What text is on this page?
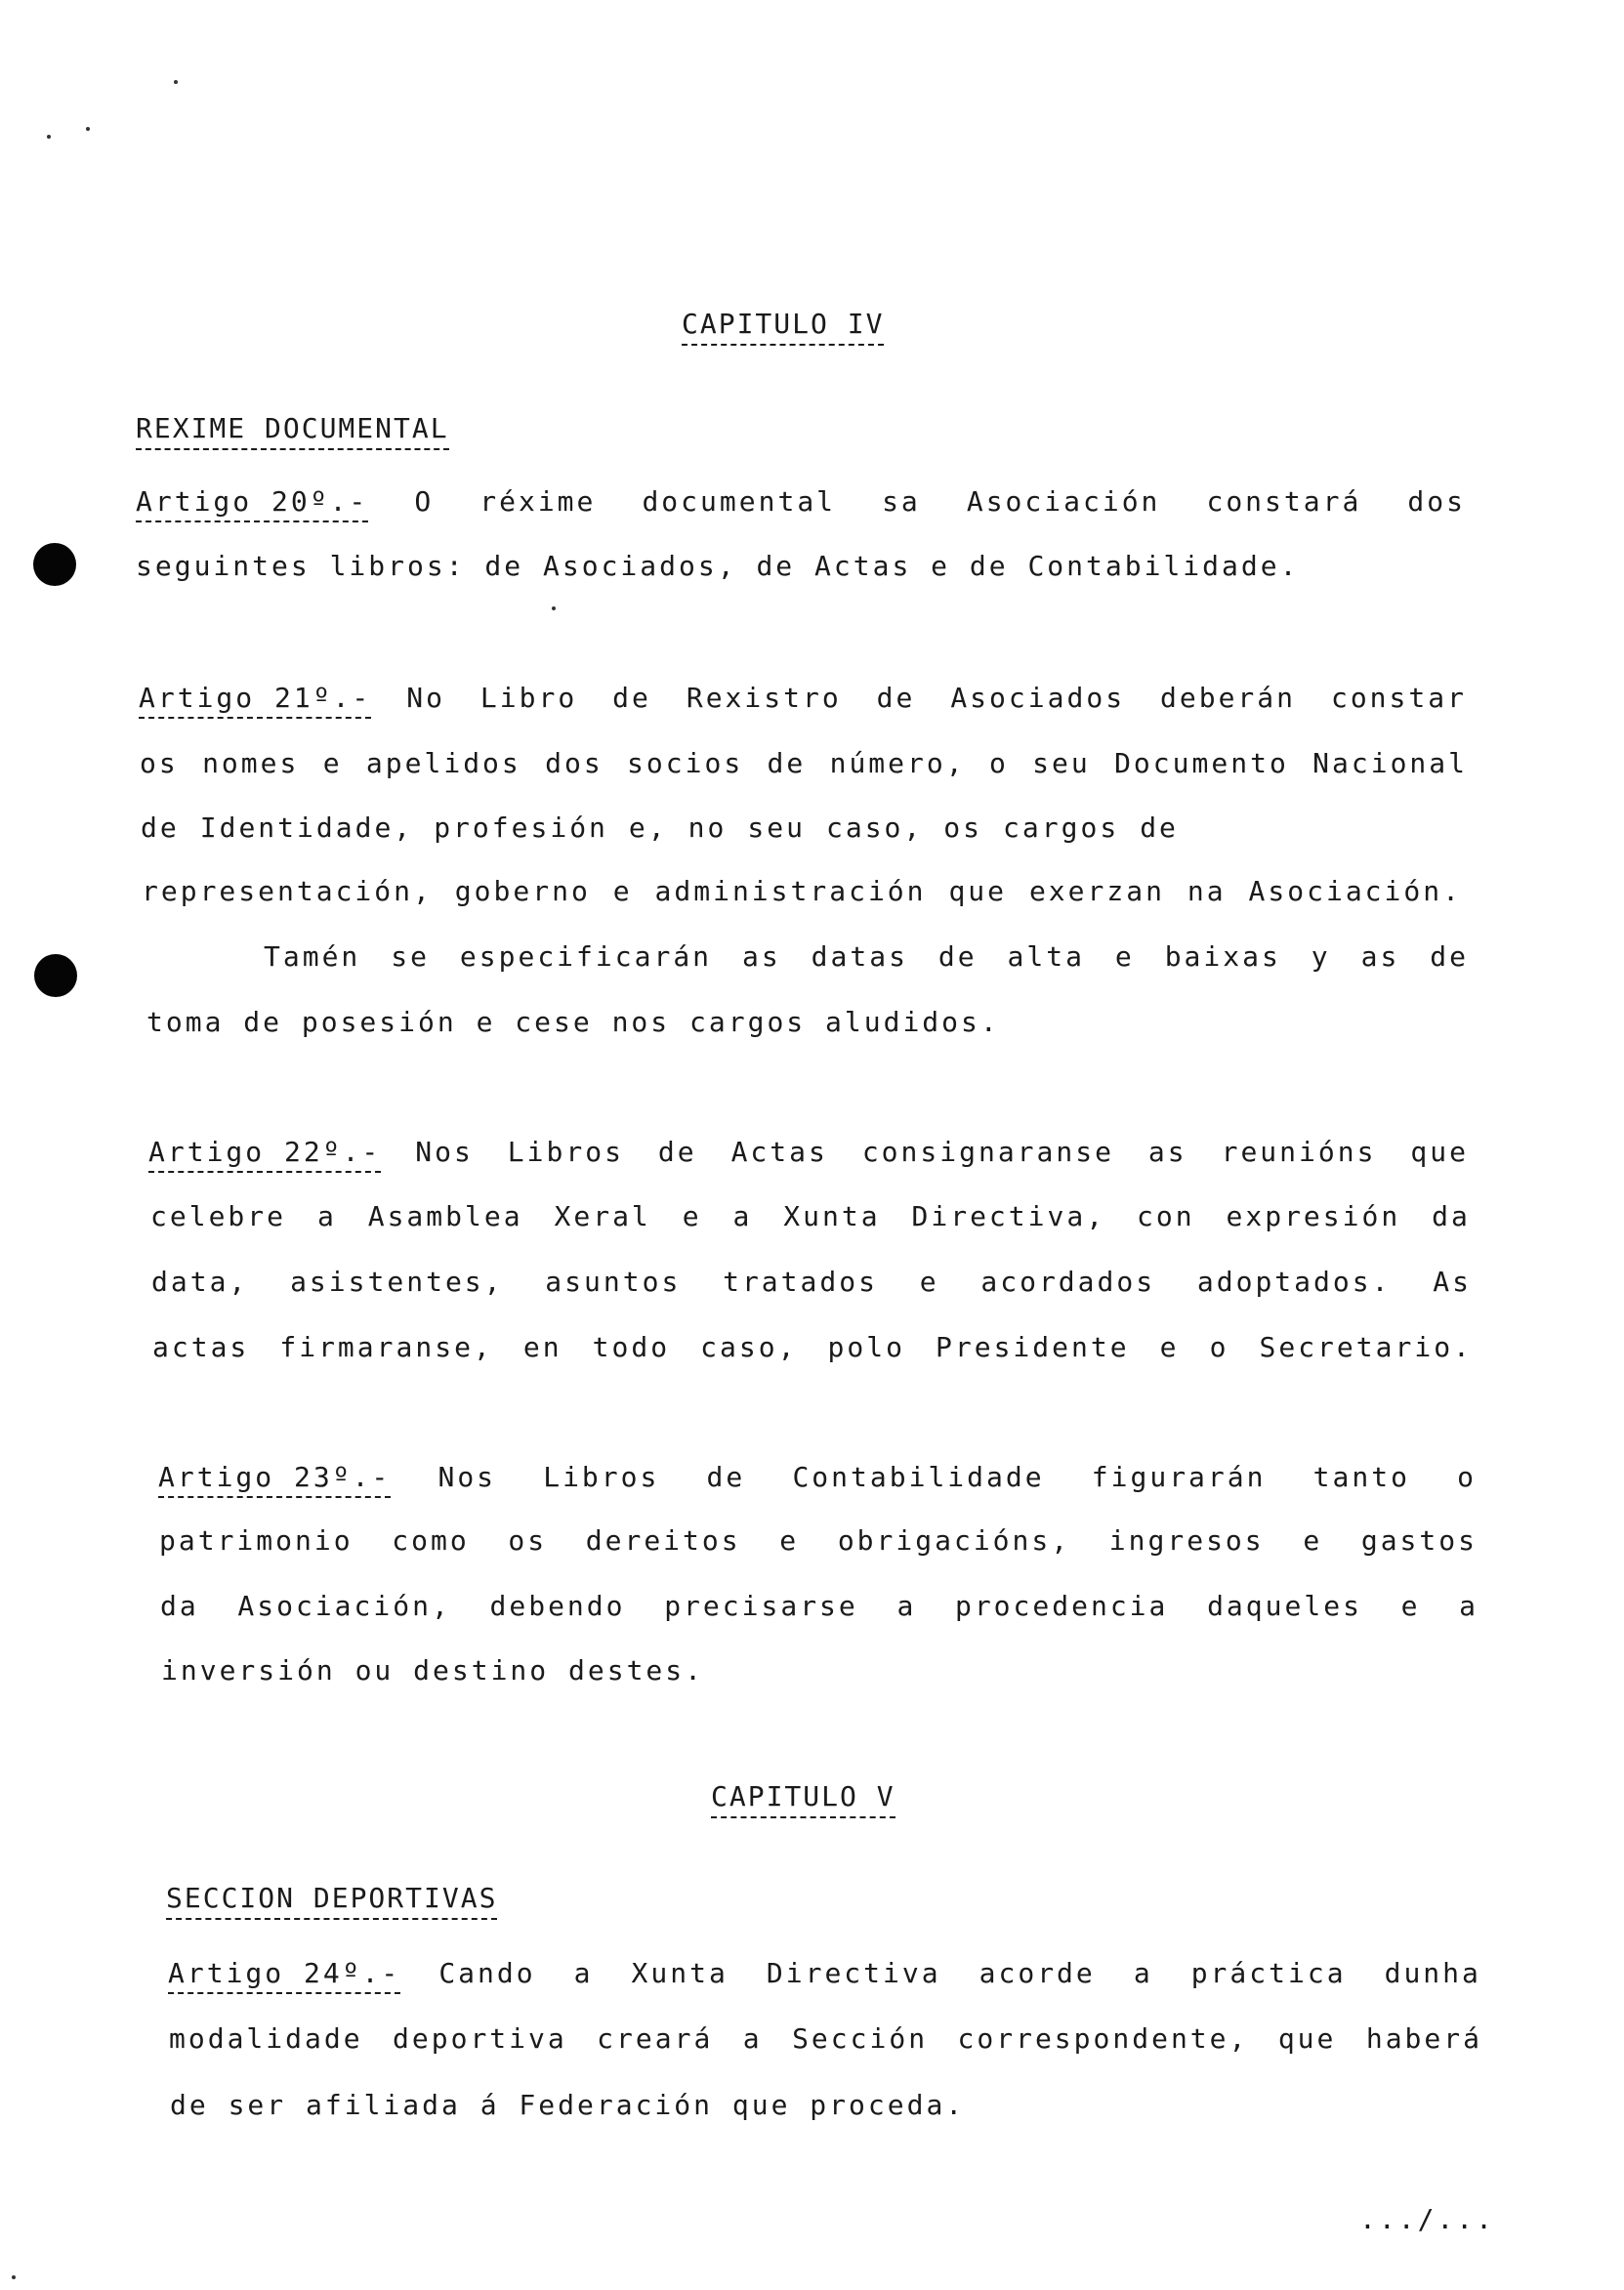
CAPITULO IV
REXIME DOCUMENTAL
Artigo 20º.- O réxime documental sa Asociación constará dos
seguintes libros: de Asociados, de Actas e de Contabilidade.
Artigo 21º.- No Libro de Rexistro de Asociados deberán constar
os nomes e apelidos dos socios de número, o seu Documento Nacional
de Identidade, profesión e, no seu caso, os cargos de
representación, goberno e administración que exerzan na Asociación.
Tamén se especificarán as datas de alta e baixas y as de
toma de posesión e cese nos cargos aludidos.
Artigo 22º.- Nos Libros de Actas consignaranse as reunións que
celebre a Asamblea Xeral e a Xunta Directiva, con expresión da
data, asistentes, asuntos tratados e acordados adoptados. As
actas firmaranse, en todo caso, polo Presidente e o Secretario.
Artigo 23º.- Nos Libros de Contabilidade figurarán tanto o
patrimonio como os dereitos e obrigacións, ingresos e gastos
da Asociación, debendo precisarse a procedencia daqueles e a
inversión ou destino destes.
CAPITULO V
SECCION DEPORTIVAS
Artigo 24º.- Cando a Xunta Directiva acorde a práctica dunha
modalidade deportiva creará a Sección correspondente, que haberá
de ser afiliada á Federación que proceda.
.../...
